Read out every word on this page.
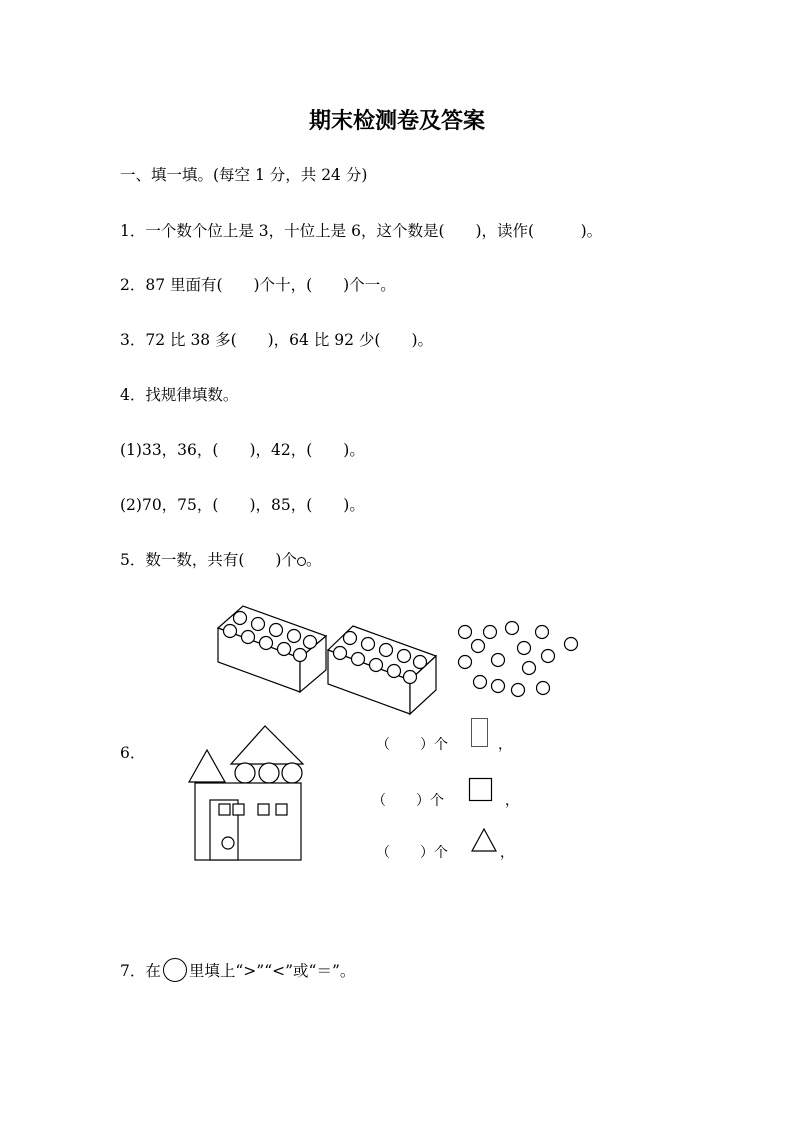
期末检测卷及答案
一、填一填。(每空 1 分，共 24 分)
1．一个数个位上是 3，十位上是 6，这个数是(　　)，读作(　　　)。
2．87 里面有(　　)个十，(　　)个一。
3．72 比 38 多(　　)，64 比 92 少(　　)。
4．找规律填数。
(1)33，36，(　　)，42，(　　)。
(2)70，75，(　　)，85，(　　)。
5．数一数，共有(　　)个 。
6．	（ ）个	，
（ ）个	，
（ ）个	，
7．在 里填上“>”“<”或“＝”。
